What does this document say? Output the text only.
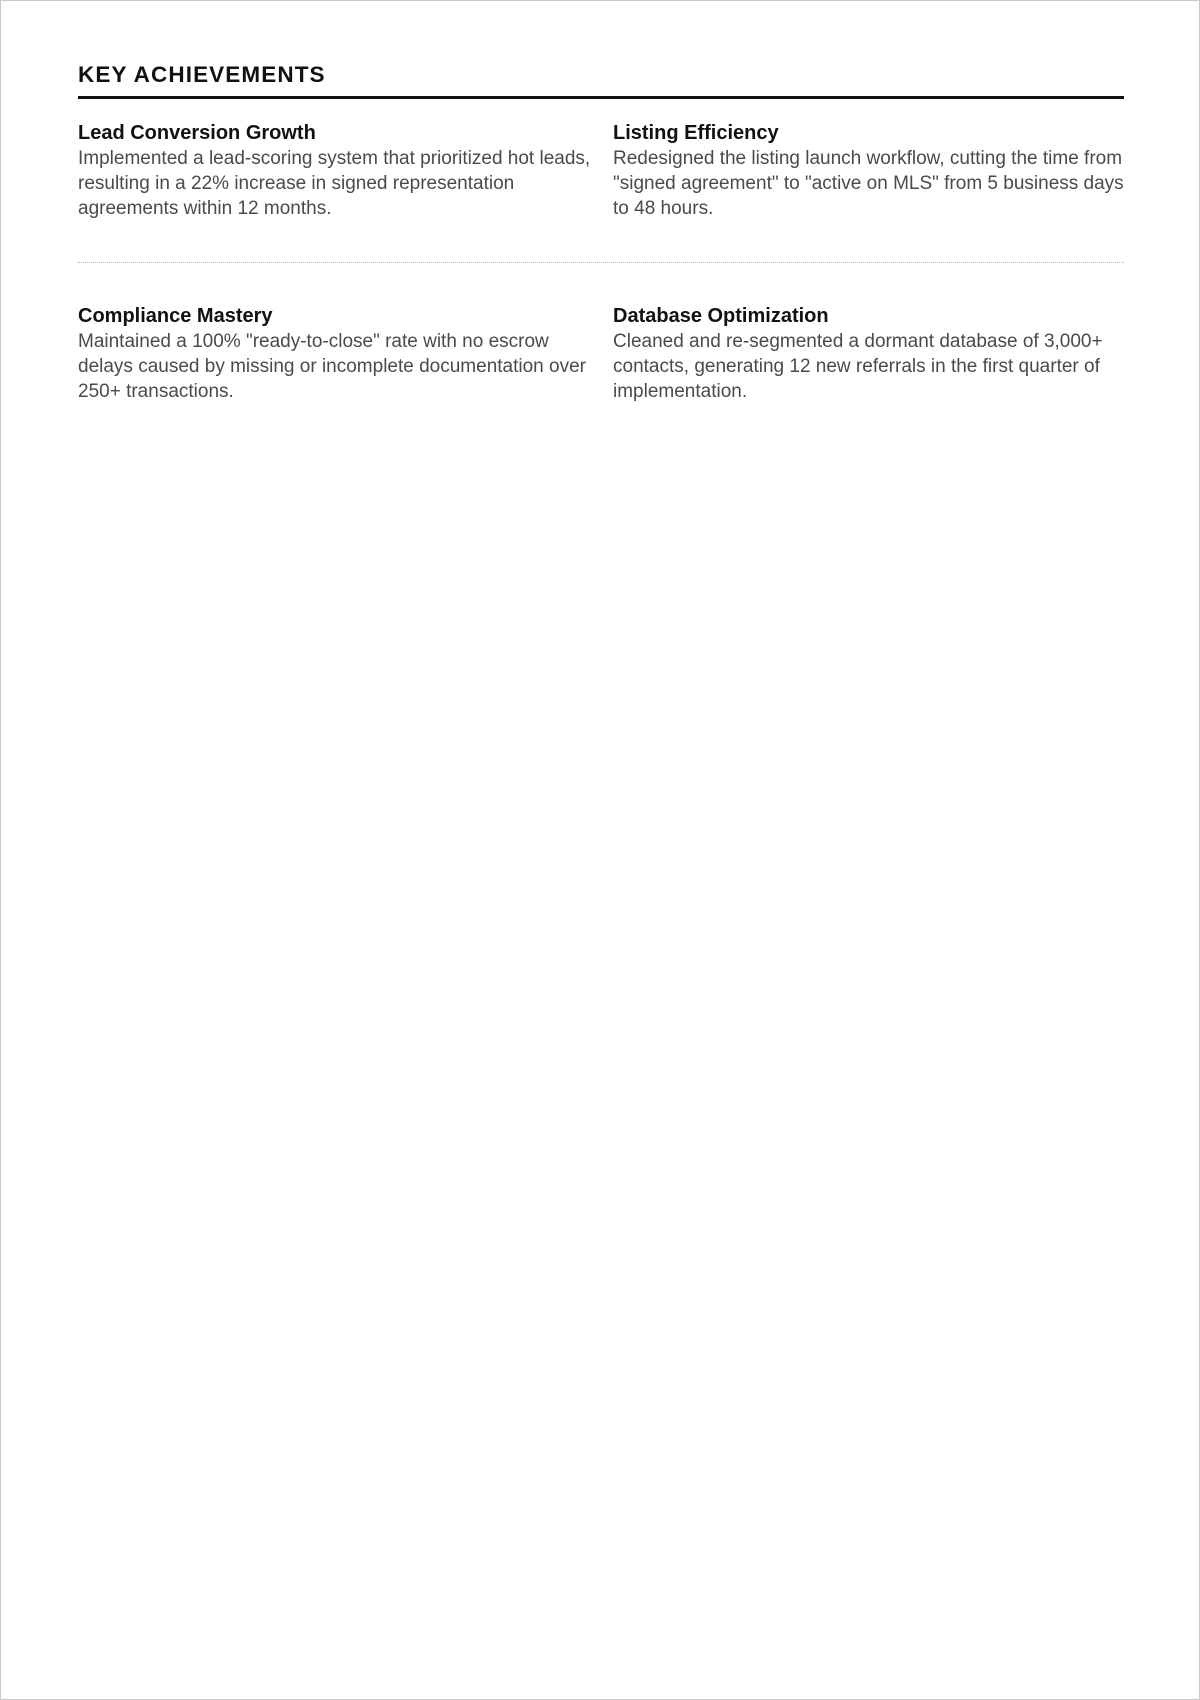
KEY ACHIEVEMENTS
Lead Conversion Growth

Implemented a lead-scoring system that prioritized hot leads, resulting in a 22% increase in signed representation agreements within 12 months.

Listing Efficiency

Redesigned the listing launch workflow, cutting the time from "signed agreement" to "active on MLS" from 5 business days to 48 hours.

Compliance Mastery

Maintained a 100% "ready-to-close" rate with no escrow delays caused by missing or incomplete documentation over 250+ transactions.

Database Optimization

Cleaned and re-segmented a dormant database of 3,000+ contacts, generating 12 new referrals in the first quarter of implementation.
